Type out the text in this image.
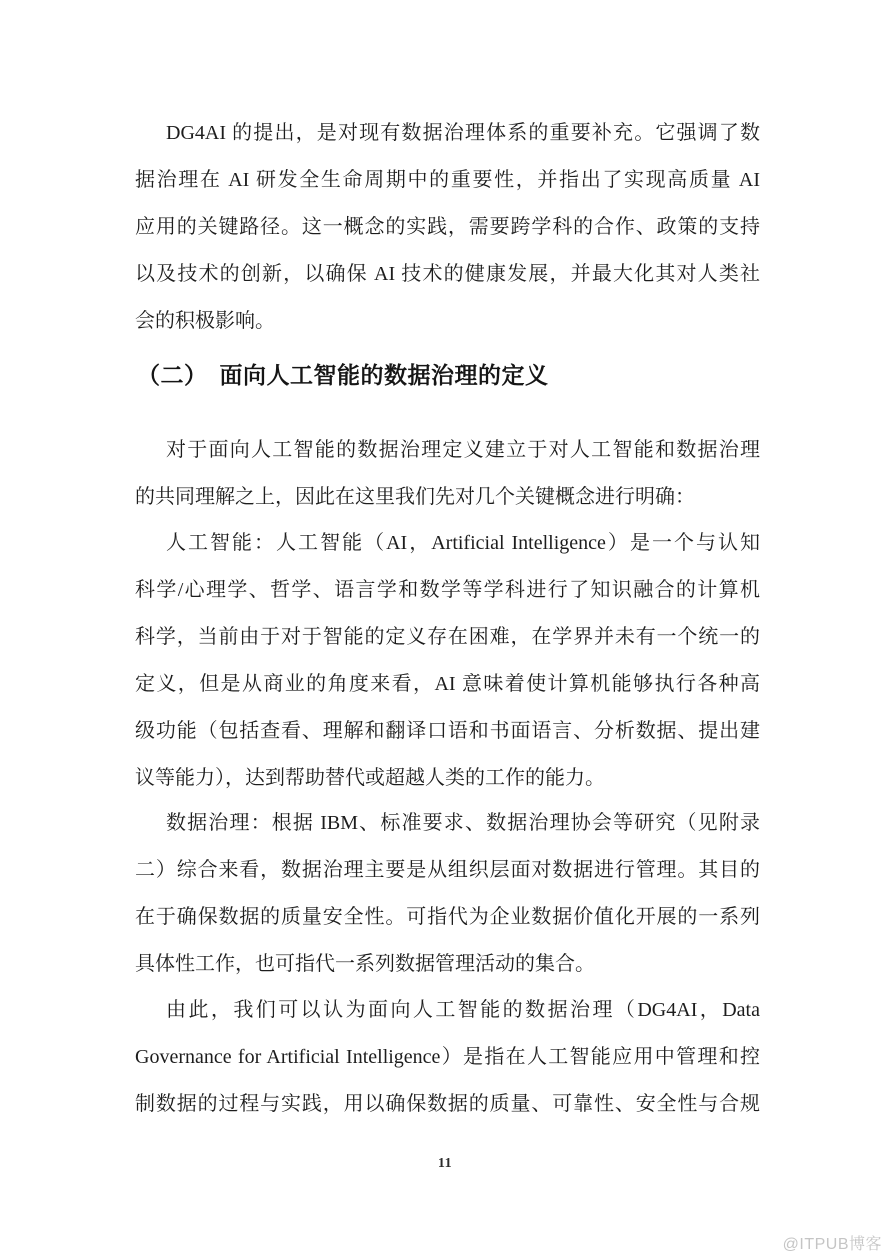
DG4AI 的提出，是对现有数据治理体系的重要补充。它强调了数
据治理在 AI 研发全生命周期中的重要性，并指出了实现高质量 AI
应用的关键路径。这一概念的实践，需要跨学科的合作、政策的支持
以及技术的创新，以确保 AI 技术的健康发展，并最大化其对人类社
会的积极影响。
（二）　面向人工智能的数据治理的定义
对于面向人工智能的数据治理定义建立于对人工智能和数据治理
的共同理解之上，因此在这里我们先对几个关键概念进行明确：
人工智能：人工智能（AI，Artificial Intelligence）是一个与认知
科学/心理学、哲学、语言学和数学等学科进行了知识融合的计算机
科学，当前由于对于智能的定义存在困难，在学界并未有一个统一的
定义，但是从商业的角度来看，AI 意味着使计算机能够执行各种高
级功能（包括查看、理解和翻译口语和书面语言、分析数据、提出建
议等能力），达到帮助替代或超越人类的工作的能力。
数据治理：根据 IBM、标准要求、数据治理协会等研究（见附录
二）综合来看，数据治理主要是从组织层面对数据进行管理。其目的
在于确保数据的质量安全性。可指代为企业数据价值化开展的一系列
具体性工作，也可指代一系列数据管理活动的集合。
由此，我们可以认为面向人工智能的数据治理（DG4AI，Data
Governance for Artificial Intelligence）是指在人工智能应用中管理和控
制数据的过程与实践，用以确保数据的质量、可靠性、安全性与合规
11
@ITPUB博客
